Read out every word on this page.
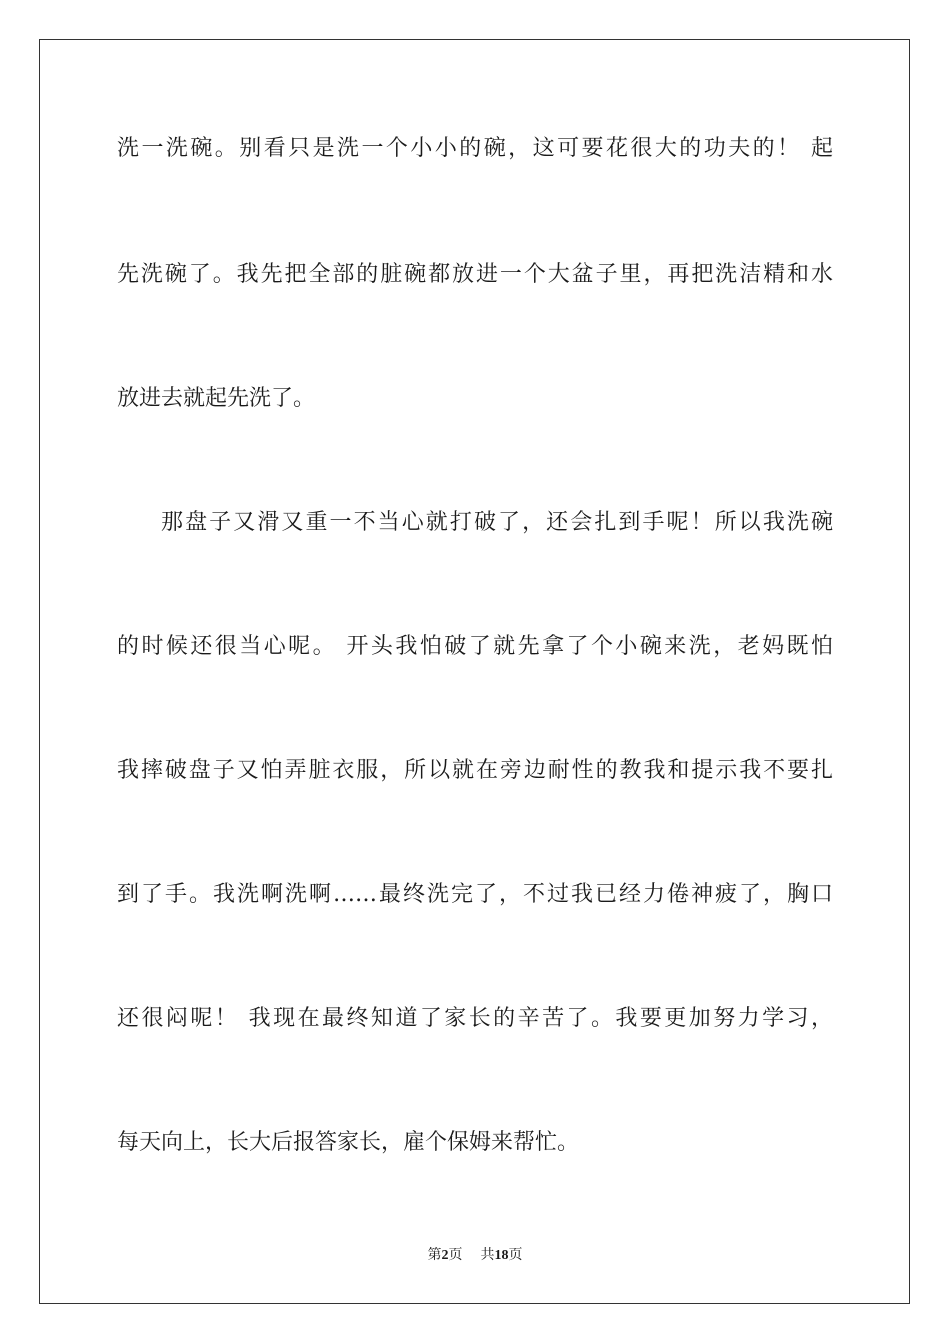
洗一洗碗。别看只是洗一个小小的碗，这可要花很大的功夫的！ 起
先洗碗了。我先把全部的脏碗都放进一个大盆子里，再把洗洁精和水
放进去就起先洗了。
那盘子又滑又重一不当心就打破了，还会扎到手呢！所以我洗碗
的时候还很当心呢。 开头我怕破了就先拿了个小碗来洗，老妈既怕
我摔破盘子又怕弄脏衣服，所以就在旁边耐性的教我和提示我不要扎
到了手。我洗啊洗啊……最终洗完了，不过我已经力倦神疲了，胸口
还很闷呢！ 我现在最终知道了家长的辛苦了。我要更加努力学习，
每天向上，长大后报答家长，雇个保姆来帮忙。
第2页 共18页
